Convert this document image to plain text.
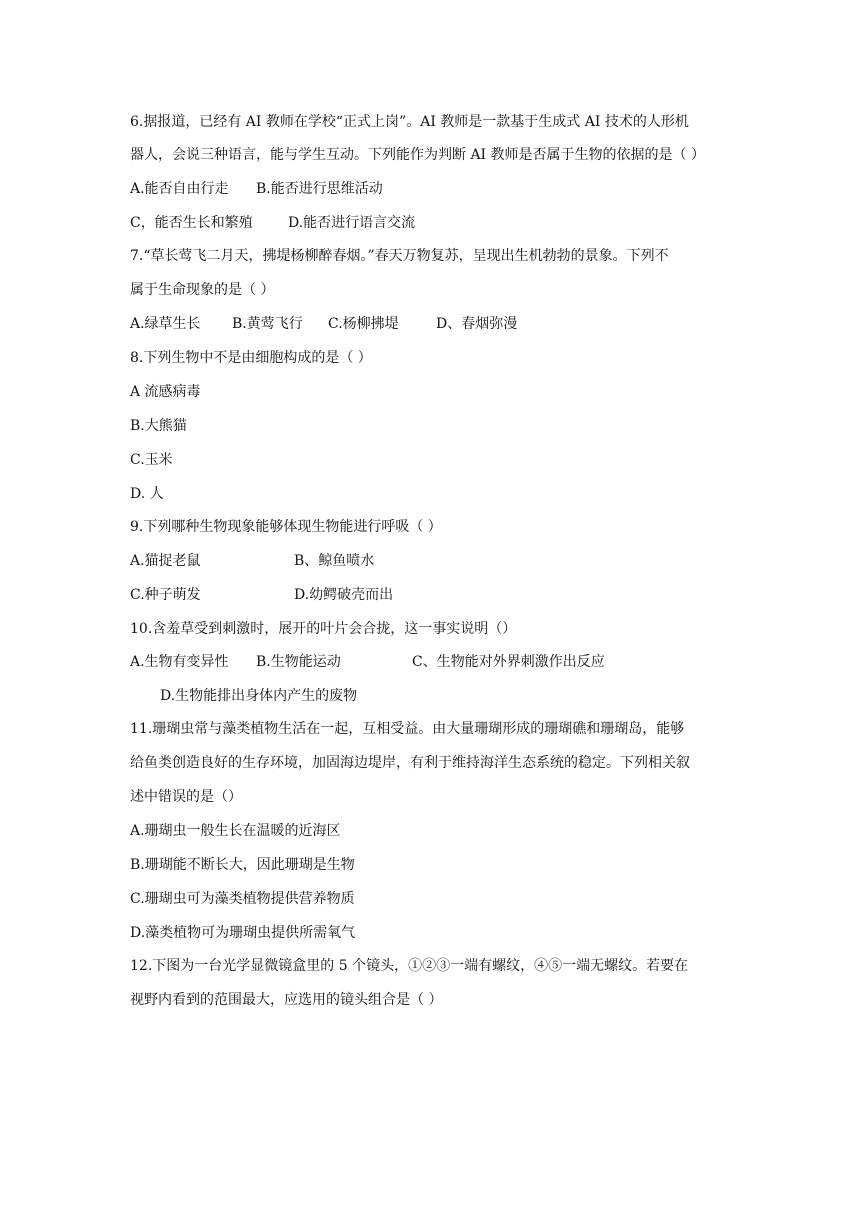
6.据报道，已经有 AI 教师在学校“正式上岗”。AI 教师是一款基于生成式 AI 技术的人形机
器人，会说三种语言，能与学生互动。下列能作为判断 AI 教师是否属于生物的依据的是（ ）
A.能否自由行走 B.能否进行思维活动
C，能否生长和繁殖	D.能否进行语言交流
7.“草长莺飞二月天，拂堤杨柳醉春烟。”春天万物复苏，呈现出生机勃勃的景象。下列不
属于生命现象的是（ ）
A.绿草生长 B.黄莺飞行 C.杨柳拂堤	D、春烟弥漫
8.下列生物中不是由细胞构成的是（ ）
A 流感病毒
B.大熊猫
C.玉米
D. 人
9.下列哪种生物现象能够体现生物能进行呼吸（ ）
A.猫捉老鼠	B、鲸鱼喷水
C.种子萌发	D.幼鳄破壳而出
10.含羞草受到刺激时，展开的叶片会合拢，这一事实说明（）
A.生物有变异性 B.生物能运动	C、生物能对外界刺激作出反应
D.生物能排出身体内产生的废物
11.珊瑚虫常与藻类植物生活在一起，互相受益。由大量珊瑚形成的珊瑚礁和珊瑚岛，能够
给鱼类创造良好的生存环境，加固海边堤岸，有利于维持海洋生态系统的稳定。下列相关叙
述中错误的是（）
A.珊瑚虫一般生长在温暖的近海区
B.珊瑚能不断长大，因此珊瑚是生物
C.珊瑚虫可为藻类植物提供营养物质
D.藻类植物可为珊瑚虫提供所需氧气
12.下图为一台光学显微镜盒里的 5 个镜头，①②③一端有螺纹，④⑤一端无螺纹。若要在
视野内看到的范围最大，应选用的镜头组合是（ ）
